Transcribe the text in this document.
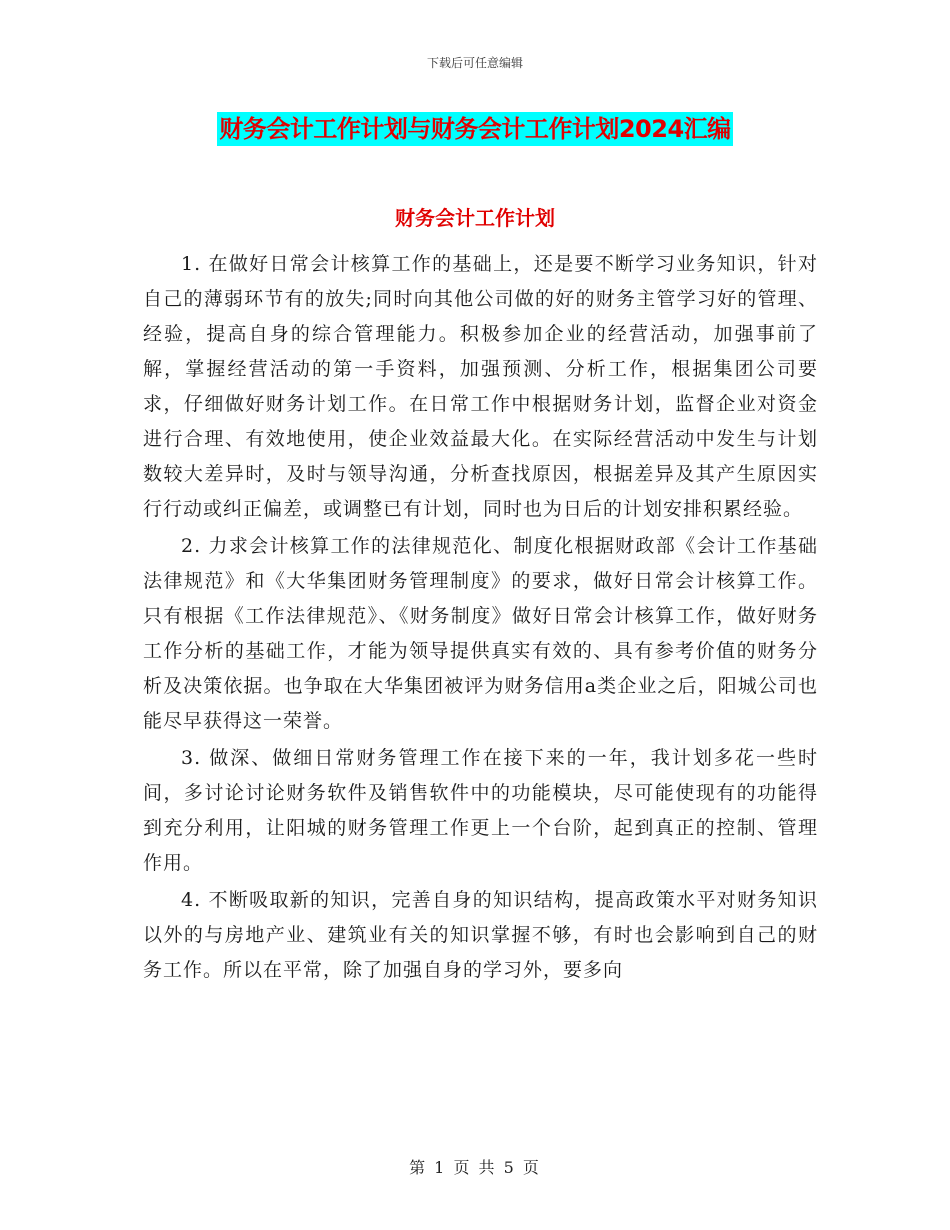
下载后可任意编辑
财务会计工作计划与财务会计工作计划2024汇编
财务会计工作计划

1. 在做好日常会计核算工作的基础上，还是要不断学习业务知识，针对自己的薄弱环节有的放失;同时向其他公司做的好的财务主管学习好的管理、经验，提高自身的综合管理能力。积极参加企业的经营活动，加强事前了解，掌握经营活动的第一手资料，加强预测、分析工作，根据集团公司要求，仔细做好财务计划工作。在日常工作中根据财务计划，监督企业对资金进行合理、有效地使用，使企业效益最大化。在实际经营活动中发生与计划数较大差异时，及时与领导沟通，分析查找原因，根据差异及其产生原因实行行动或纠正偏差，或调整已有计划，同时也为日后的计划安排积累经验。

2. 力求会计核算工作的法律规范化、制度化根据财政部《会计工作基础法律规范》和《大华集团财务管理制度》的要求，做好日常会计核算工作。只有根据《工作法律规范》、《财务制度》做好日常会计核算工作，做好财务工作分析的基础工作，才能为领导提供真实有效的、具有参考价值的财务分析及决策依据。也争取在大华集团被评为财务信用a类企业之后，阳城公司也能尽早获得这一荣誉。

3. 做深、做细日常财务管理工作在接下来的一年，我计划多花一些时间，多讨论讨论财务软件及销售软件中的功能模块，尽可能使现有的功能得到充分利用，让阳城的财务管理工作更上一个台阶，起到真正的控制、管理作用。

4. 不断吸取新的知识，完善自身的知识结构，提高政策水平对财务知识以外的与房地产业、建筑业有关的知识掌握不够，有时也会影响到自己的财务工作。所以在平常，除了加强自身的学习外，要多向

第 1 页 共 5 页
